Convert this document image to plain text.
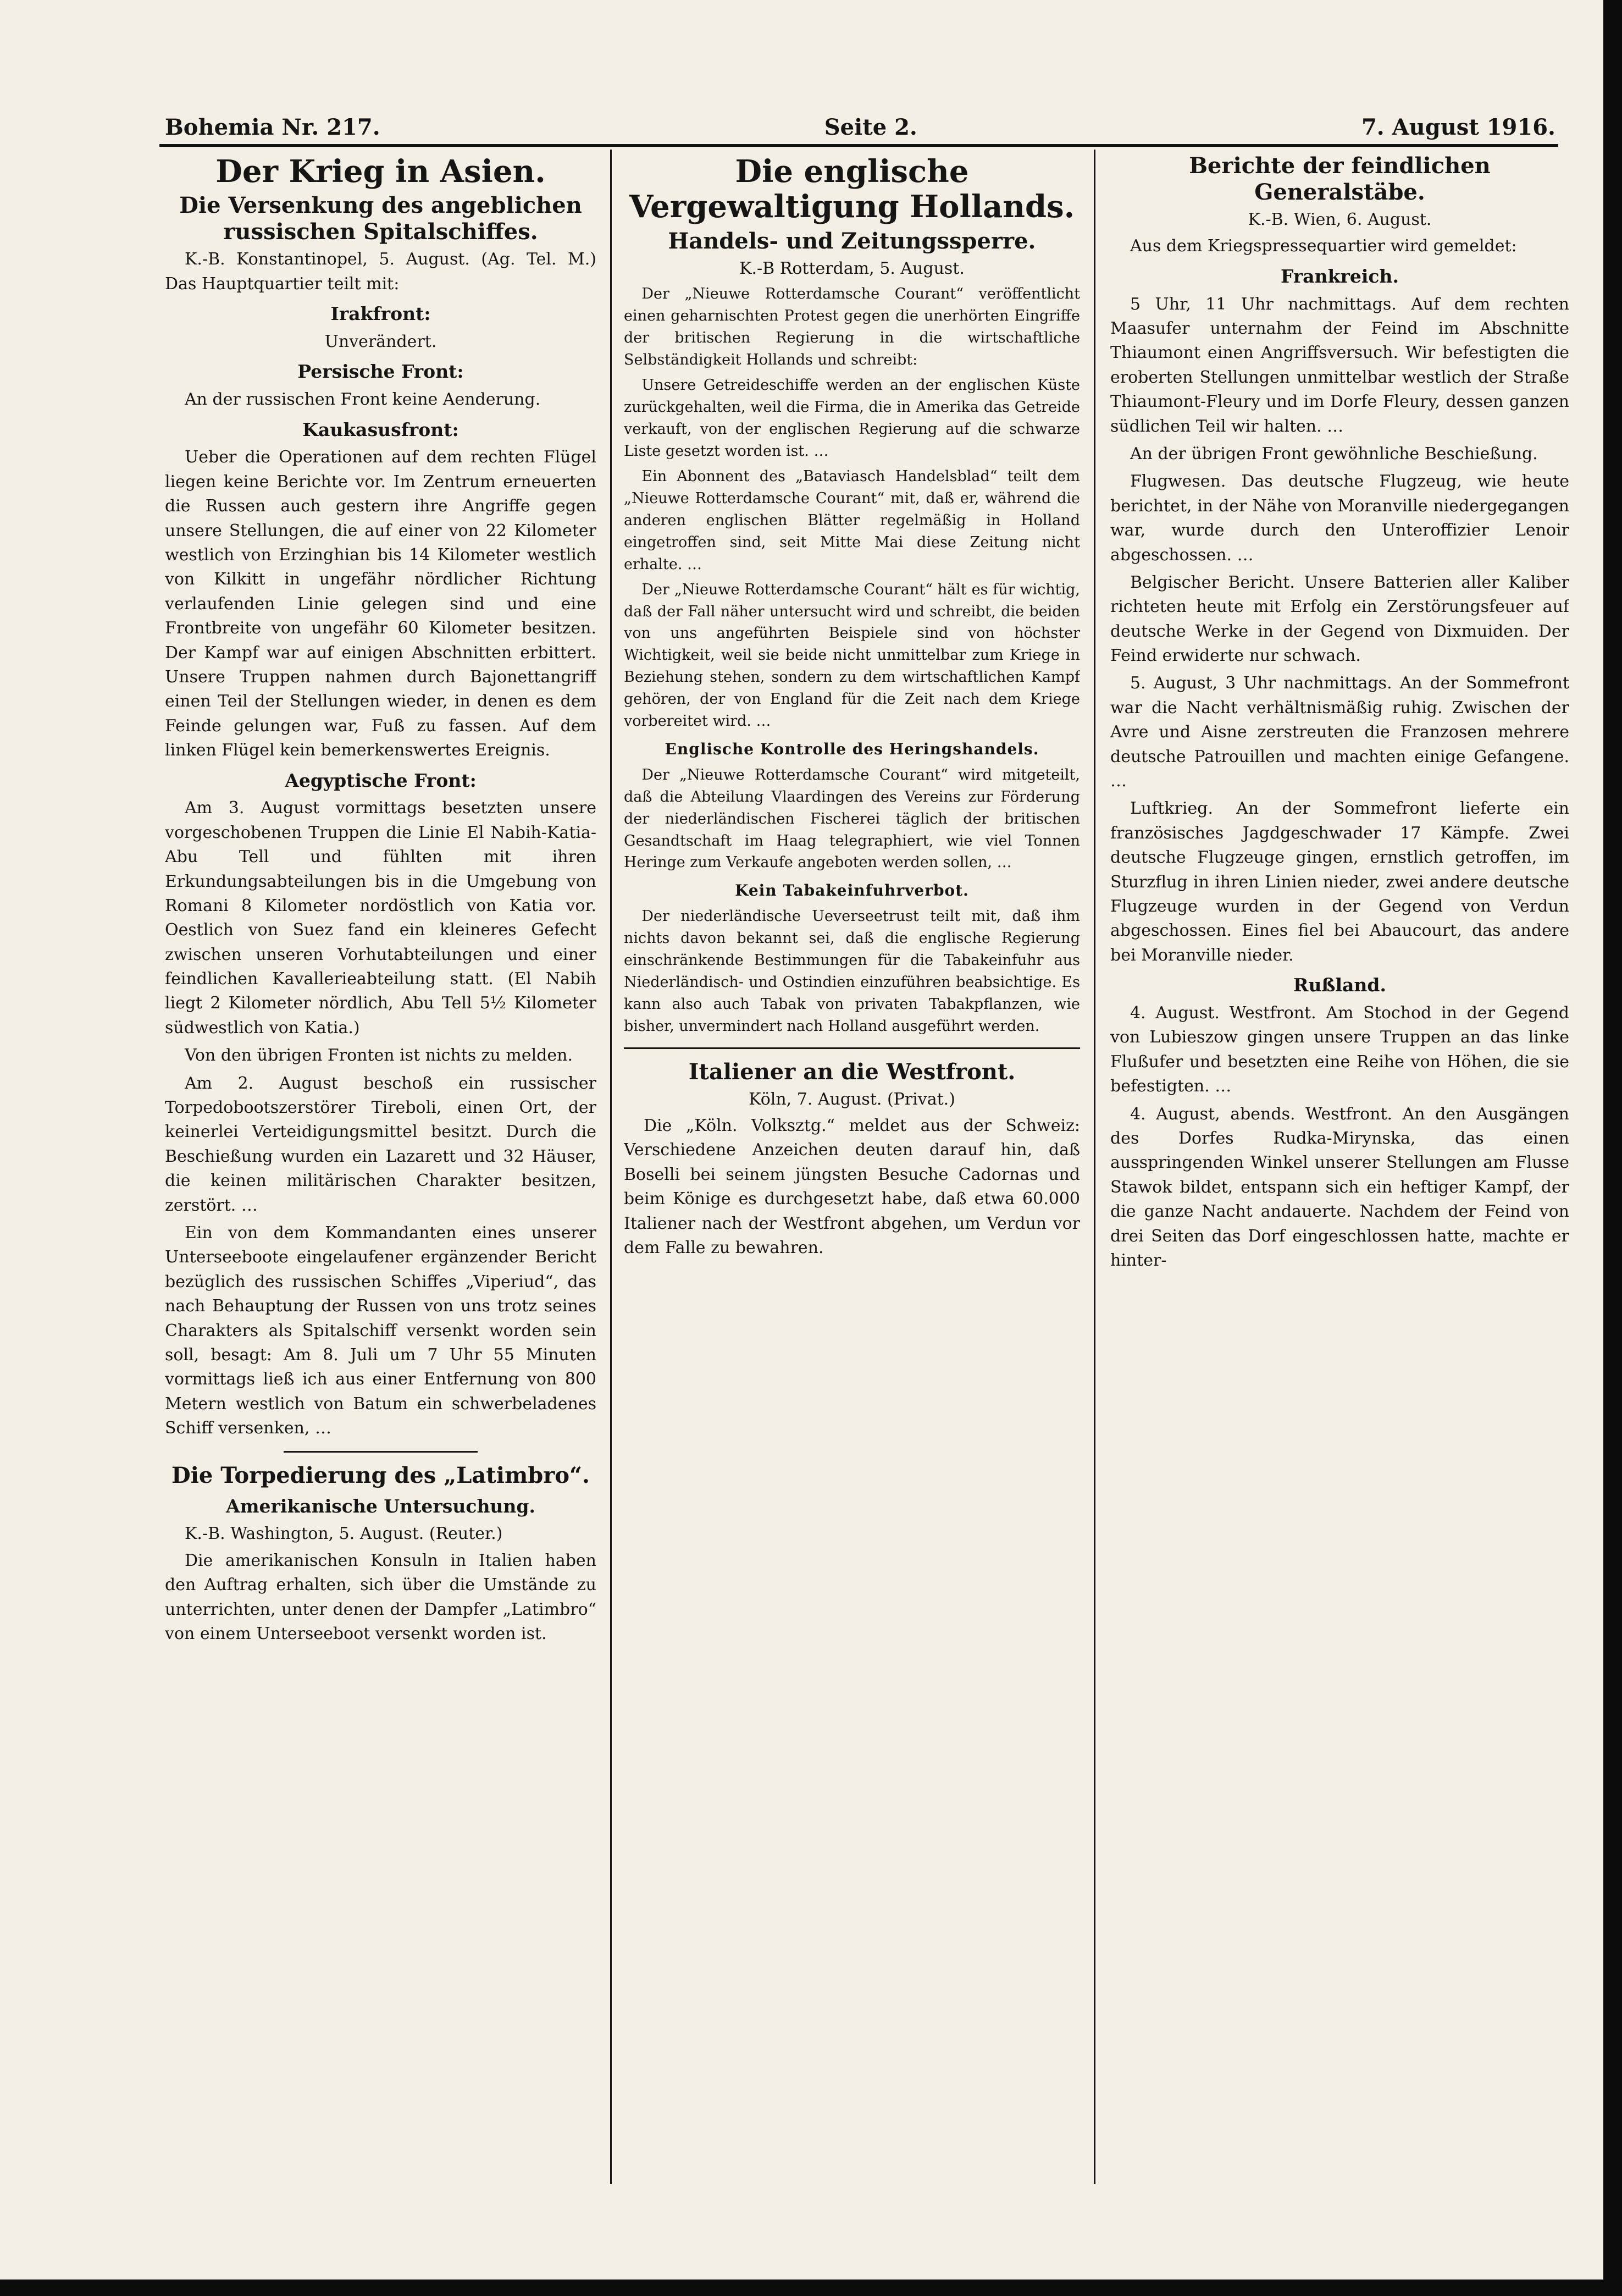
Bohemia Nr. 217.	Seite 2.	7. August 1916.
Der Krieg in Asien.
Die Versenkung des angeblichen russischen Spitalschiffes.

K.-B. Konstantinopel, 5. August. (Ag. Tel. M.) Das Hauptquartier teilt mit:

Irakfront:

Unverändert.

Persische Front:

An der russischen Front keine Aenderung.

Kaukasusfront:

Ueber die Operationen auf dem rechten Flügel liegen keine Berichte vor. Im Zentrum erneuerten die Russen auch gestern ihre Angriffe gegen unsere Stellungen, die auf einer von 22 Kilometer westlich von Erzinghian bis 14 Kilometer westlich von Kilkitt in ungefähr nördlicher Richtung verlaufenden Linie gelegen sind und eine Frontbreite von ungefähr 60 Kilometer besitzen. Der Kampf war auf einigen Abschnitten erbittert. Unsere Truppen nahmen durch Bajonettangriff einen Teil der Stellungen wieder, in denen es dem Feinde gelungen war, Fuß zu fassen. Auf dem linken Flügel kein bemerkenswertes Ereignis.

Aegyptische Front:

Am 3. August vormittags besetzten unsere vorgeschobenen Truppen die Linie El Nabih-Katia-Abu Tell und fühlten mit ihren Erkundungsabteilungen bis in die Umgebung von Romani 8 Kilometer nordöstlich von Katia vor. Oestlich von Suez fand ein kleineres Gefecht zwischen unseren Vorhutabteilungen und einer feindlichen Kavallerieabteilung statt. (El Nabih liegt 2 Kilometer nördlich, Abu Tell 5½ Kilometer südwestlich von Katia.)

Von den übrigen Fronten ist nichts zu melden.

Am 2. August beschoß ein russischer Torpedobootszerstörer Tireboli, einen Ort, der keinerlei Verteidigungsmittel besitzt. Durch die Beschießung wurden ein Lazarett und 32 Häuser, die keinen militärischen Charakter besitzen, zerstört. …

Ein von dem Kommandanten eines unserer Unterseeboote eingelaufener ergänzender Bericht bezüglich des russischen Schiffes „Viperiud“, das nach Behauptung der Russen von uns trotz seines Charakters als Spitalschiff versenkt worden sein soll, besagt: Am 8. Juli um 7 Uhr 55 Minuten vormittags ließ ich aus einer Entfernung von 800 Metern westlich von Batum ein schwerbeladenes Schiff versenken, …

Die Torpedierung des „Latimbro“.
Amerikanische Untersuchung.

K.-B. Washington, 5. August. (Reuter.)

Die amerikanischen Konsuln in Italien haben den Auftrag erhalten, sich über die Umstände zu unterrichten, unter denen der Dampfer „Latimbro“ von einem Unterseeboot versenkt worden ist.

Die englische Vergewaltigung Hollands.
Handels- und Zeitungssperre.

K.-B Rotterdam, 5. August.

Der „Nieuwe Rotterdamsche Courant“ veröffentlicht einen geharnischten Protest gegen die unerhörten Eingriffe der britischen Regierung in die wirtschaftliche Selbständigkeit Hollands und schreibt:

Unsere Getreideschiffe werden an der englischen Küste zurückgehalten, weil die Firma, die in Amerika das Getreide verkauft, von der englischen Regierung auf die schwarze Liste gesetzt worden ist. …

Ein Abonnent des „Bataviasch Handelsblad“ teilt dem „Nieuwe Rotterdamsche Courant“ mit, daß er, während die anderen englischen Blätter regelmäßig in Holland eingetroffen sind, seit Mitte Mai diese Zeitung nicht erhalte. …

Der „Nieuwe Rotterdamsche Courant“ hält es für wichtig, daß der Fall näher untersucht wird und schreibt, die beiden von uns angeführten Beispiele sind von höchster Wichtigkeit, weil sie beide nicht unmittelbar zum Kriege in Beziehung stehen, sondern zu dem wirtschaftlichen Kampf gehören, der von England für die Zeit nach dem Kriege vorbereitet wird. …

Englische Kontrolle des Heringshandels.

Der „Nieuwe Rotterdamsche Courant“ wird mitgeteilt, daß die Abteilung Vlaardingen des Vereins zur Förderung der niederländischen Fischerei täglich der britischen Gesandtschaft im Haag telegraphiert, wie viel Tonnen Heringe zum Verkaufe angeboten werden sollen, …

Kein Tabakeinfuhrverbot.

Der niederländische Ueverseetrust teilt mit, daß ihm nichts davon bekannt sei, daß die englische Regierung einschränkende Bestimmungen für die Tabakeinfuhr aus Niederländisch- und Ostindien einzuführen beabsichtige. Es kann also auch Tabak von privaten Tabakpflanzen, wie bisher, unvermindert nach Holland ausgeführt werden.

Italiener an die Westfront.

Köln, 7. August. (Privat.)

Die „Köln. Volksztg.“ meldet aus der Schweiz: Verschiedene Anzeichen deuten darauf hin, daß Boselli bei seinem jüngsten Besuche Cadornas und beim Könige es durchgesetzt habe, daß etwa 60.000 Italiener nach der Westfront abgehen, um Verdun vor dem Falle zu bewahren.

Berichte der feindlichen Generalstäbe.

K.-B. Wien, 6. August.

Aus dem Kriegspressequartier wird gemeldet:

Frankreich.

5 Uhr, 11 Uhr nachmittags. Auf dem rechten Maasufer unternahm der Feind im Abschnitte Thiaumont einen Angriffsversuch. Wir befestigten die eroberten Stellungen unmittelbar westlich der Straße Thiaumont-Fleury und im Dorfe Fleury, dessen ganzen südlichen Teil wir halten. …

An der übrigen Front gewöhnliche Beschießung.

Flugwesen. Das deutsche Flugzeug, wie heute berichtet, in der Nähe von Moranville niedergegangen war, wurde durch den Unteroffizier Lenoir abgeschossen. …

Belgischer Bericht. Unsere Batterien aller Kaliber richteten heute mit Erfolg ein Zerstörungsfeuer auf deutsche Werke in der Gegend von Dixmuiden. Der Feind erwiderte nur schwach.

5. August, 3 Uhr nachmittags. An der Sommefront war die Nacht verhältnismäßig ruhig. Zwischen der Avre und Aisne zerstreuten die Franzosen mehrere deutsche Patrouillen und machten einige Gefangene. …

Luftkrieg. An der Sommefront lieferte ein französisches Jagdgeschwader 17 Kämpfe. Zwei deutsche Flugzeuge gingen, ernstlich getroffen, im Sturzflug in ihren Linien nieder, zwei andere deutsche Flugzeuge wurden in der Gegend von Verdun abgeschossen. Eines fiel bei Abaucourt, das andere bei Moranville nieder.

Rußland.

4. August. Westfront. Am Stochod in der Gegend von Lubieszow gingen unsere Truppen an das linke Flußufer und besetzten eine Reihe von Höhen, die sie befestigten. …

4. August, abends. Westfront. An den Ausgängen des Dorfes Rudka-Mirynska, das einen ausspringenden Winkel unserer Stellungen am Flusse Stawok bildet, entspann sich ein heftiger Kampf, der die ganze Nacht andauerte. Nachdem der Feind von drei Seiten das Dorf eingeschlossen hatte, machte er hinter-
